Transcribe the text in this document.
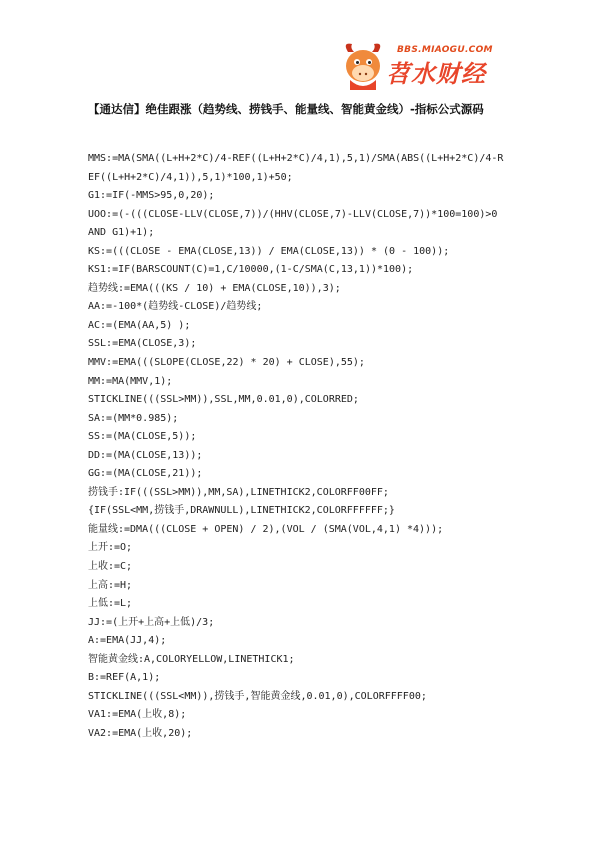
BBS.MIAOGU.COM
苕水财经
【通达信】绝佳跟涨（趋势线、捞钱手、能量线、智能黄金线）-指标公式源码
MMS:=MA(SMA((L+H+2*C)/4-REF((L+H+2*C)/4,1),5,1)/SMA(ABS((L+H+2*C)/4-R
EF((L+H+2*C)/4,1)),5,1)*100,1)+50;
G1:=IF(-MMS>95,0,20);
UOO:=(-(((CLOSE-LLV(CLOSE,7))/(HHV(CLOSE,7)-LLV(CLOSE,7))*100=100)>0
AND G1)+1);
KS:=(((CLOSE - EMA(CLOSE,13)) / EMA(CLOSE,13)) * (0 - 100));
KS1:=IF(BARSCOUNT(C)=1,C/10000,(1-C/SMA(C,13,1))*100);
趋势线:=EMA(((KS / 10) + EMA(CLOSE,10)),3);
AA:=-100*(趋势线-CLOSE)/趋势线;
AC:=(EMA(AA,5) );
SSL:=EMA(CLOSE,3);
MMV:=EMA(((SLOPE(CLOSE,22) * 20) + CLOSE),55);
MM:=MA(MMV,1);
STICKLINE(((SSL>MM)),SSL,MM,0.01,0),COLORRED;
SA:=(MM*0.985);
SS:=(MA(CLOSE,5));
DD:=(MA(CLOSE,13));
GG:=(MA(CLOSE,21));
捞钱手:IF(((SSL>MM)),MM,SA),LINETHICK2,COLORFF00FF;
{IF(SSL<MM,捞钱手,DRAWNULL),LINETHICK2,COLORFFFFFF;}
能量线:=DMA(((CLOSE + OPEN) / 2),(VOL / (SMA(VOL,4,1) *4)));
上开:=O;
上收:=C;
上高:=H;
上低:=L;
JJ:=(上开+上高+上低)/3;
A:=EMA(JJ,4);
智能黄金线:A,COLORYELLOW,LINETHICK1;
B:=REF(A,1);
STICKLINE(((SSL<MM)),捞钱手,智能黄金线,0.01,0),COLORFFFF00;
VA1:=EMA(上收,8);
VA2:=EMA(上收,20);
